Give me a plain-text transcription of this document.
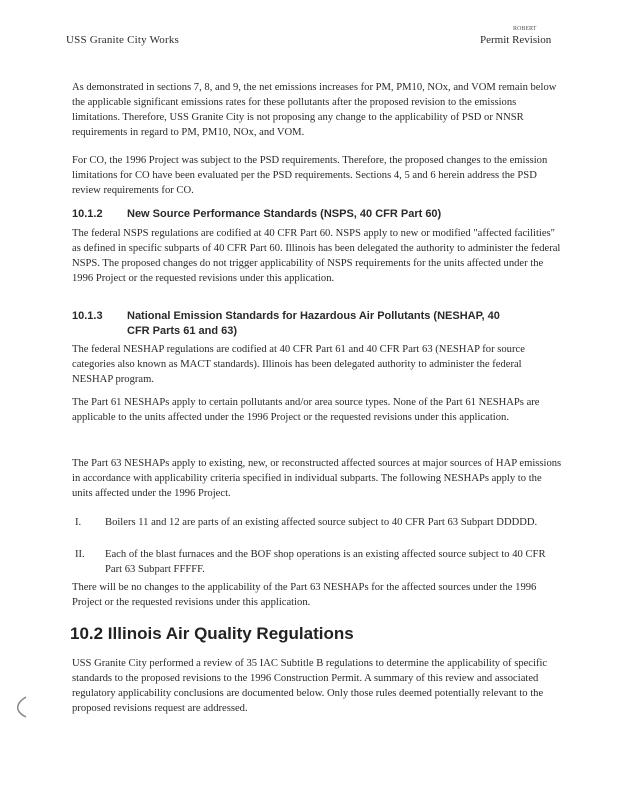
USS Granite City Works
ROBERT
Permit Revision

As demonstrated in sections 7, 8, and 9, the net emissions increases for PM, PM10, NOx, and VOM remain below the applicable significant emissions rates for these pollutants after the proposed revision to the emissions limitations. Therefore, USS Granite City is not proposing any change to the applicability of PSD or NNSR requirements in regard to PM, PM10, NOx, and VOM.

For CO, the 1996 Project was subject to the PSD requirements. Therefore, the proposed changes to the emission limitations for CO have been evaluated per the PSD requirements. Sections 4, 5 and 6 herein address the PSD review requirements for CO.

10.1.2 New Source Performance Standards (NSPS, 40 CFR Part 60)

The federal NSPS regulations are codified at 40 CFR Part 60. NSPS apply to new or modified "affected facilities" as defined in specific subparts of 40 CFR Part 60. Illinois has been delegated the authority to administer the federal NSPS. The proposed changes do not trigger applicability of NSPS requirements for the units affected under the 1996 Project or the requested revisions under this application.

10.1.3 National Emission Standards for Hazardous Air Pollutants (NESHAP, 40
CFR Parts 61 and 63)

The federal NESHAP regulations are codified at 40 CFR Part 61 and 40 CFR Part 63 (NESHAP for source categories also known as MACT standards). Illinois has been delegated authority to administer the federal NESHAP program.

The Part 61 NESHAPs apply to certain pollutants and/or area source types. None of the Part 61 NESHAPs are applicable to the units affected under the 1996 Project or the requested revisions under this application.

The Part 63 NESHAPs apply to existing, new, or reconstructed affected sources at major sources of HAP emissions in accordance with applicability criteria specified in individual subparts. The following NESHAPs apply to the units affected under the 1996 Project.

I.	Boilers 11 and 12 are parts of an existing affected source subject to 40 CFR Part 63 Subpart DDDDD.
II.	Each of the blast furnaces and the BOF shop operations is an existing affected source subject to 40 CFR Part 63 Subpart FFFFF.

There will be no changes to the applicability of the Part 63 NESHAPs for the affected sources under the 1996 Project or the requested revisions under this application.

10.2 Illinois Air Quality Regulations

USS Granite City performed a review of 35 IAC Subtitle B regulations to determine the applicability of specific standards to the proposed revisions to the 1996 Construction Permit. A summary of this review and associated regulatory applicability conclusions are documented below. Only those rules deemed potentially relevant to the proposed revisions request are addressed.
